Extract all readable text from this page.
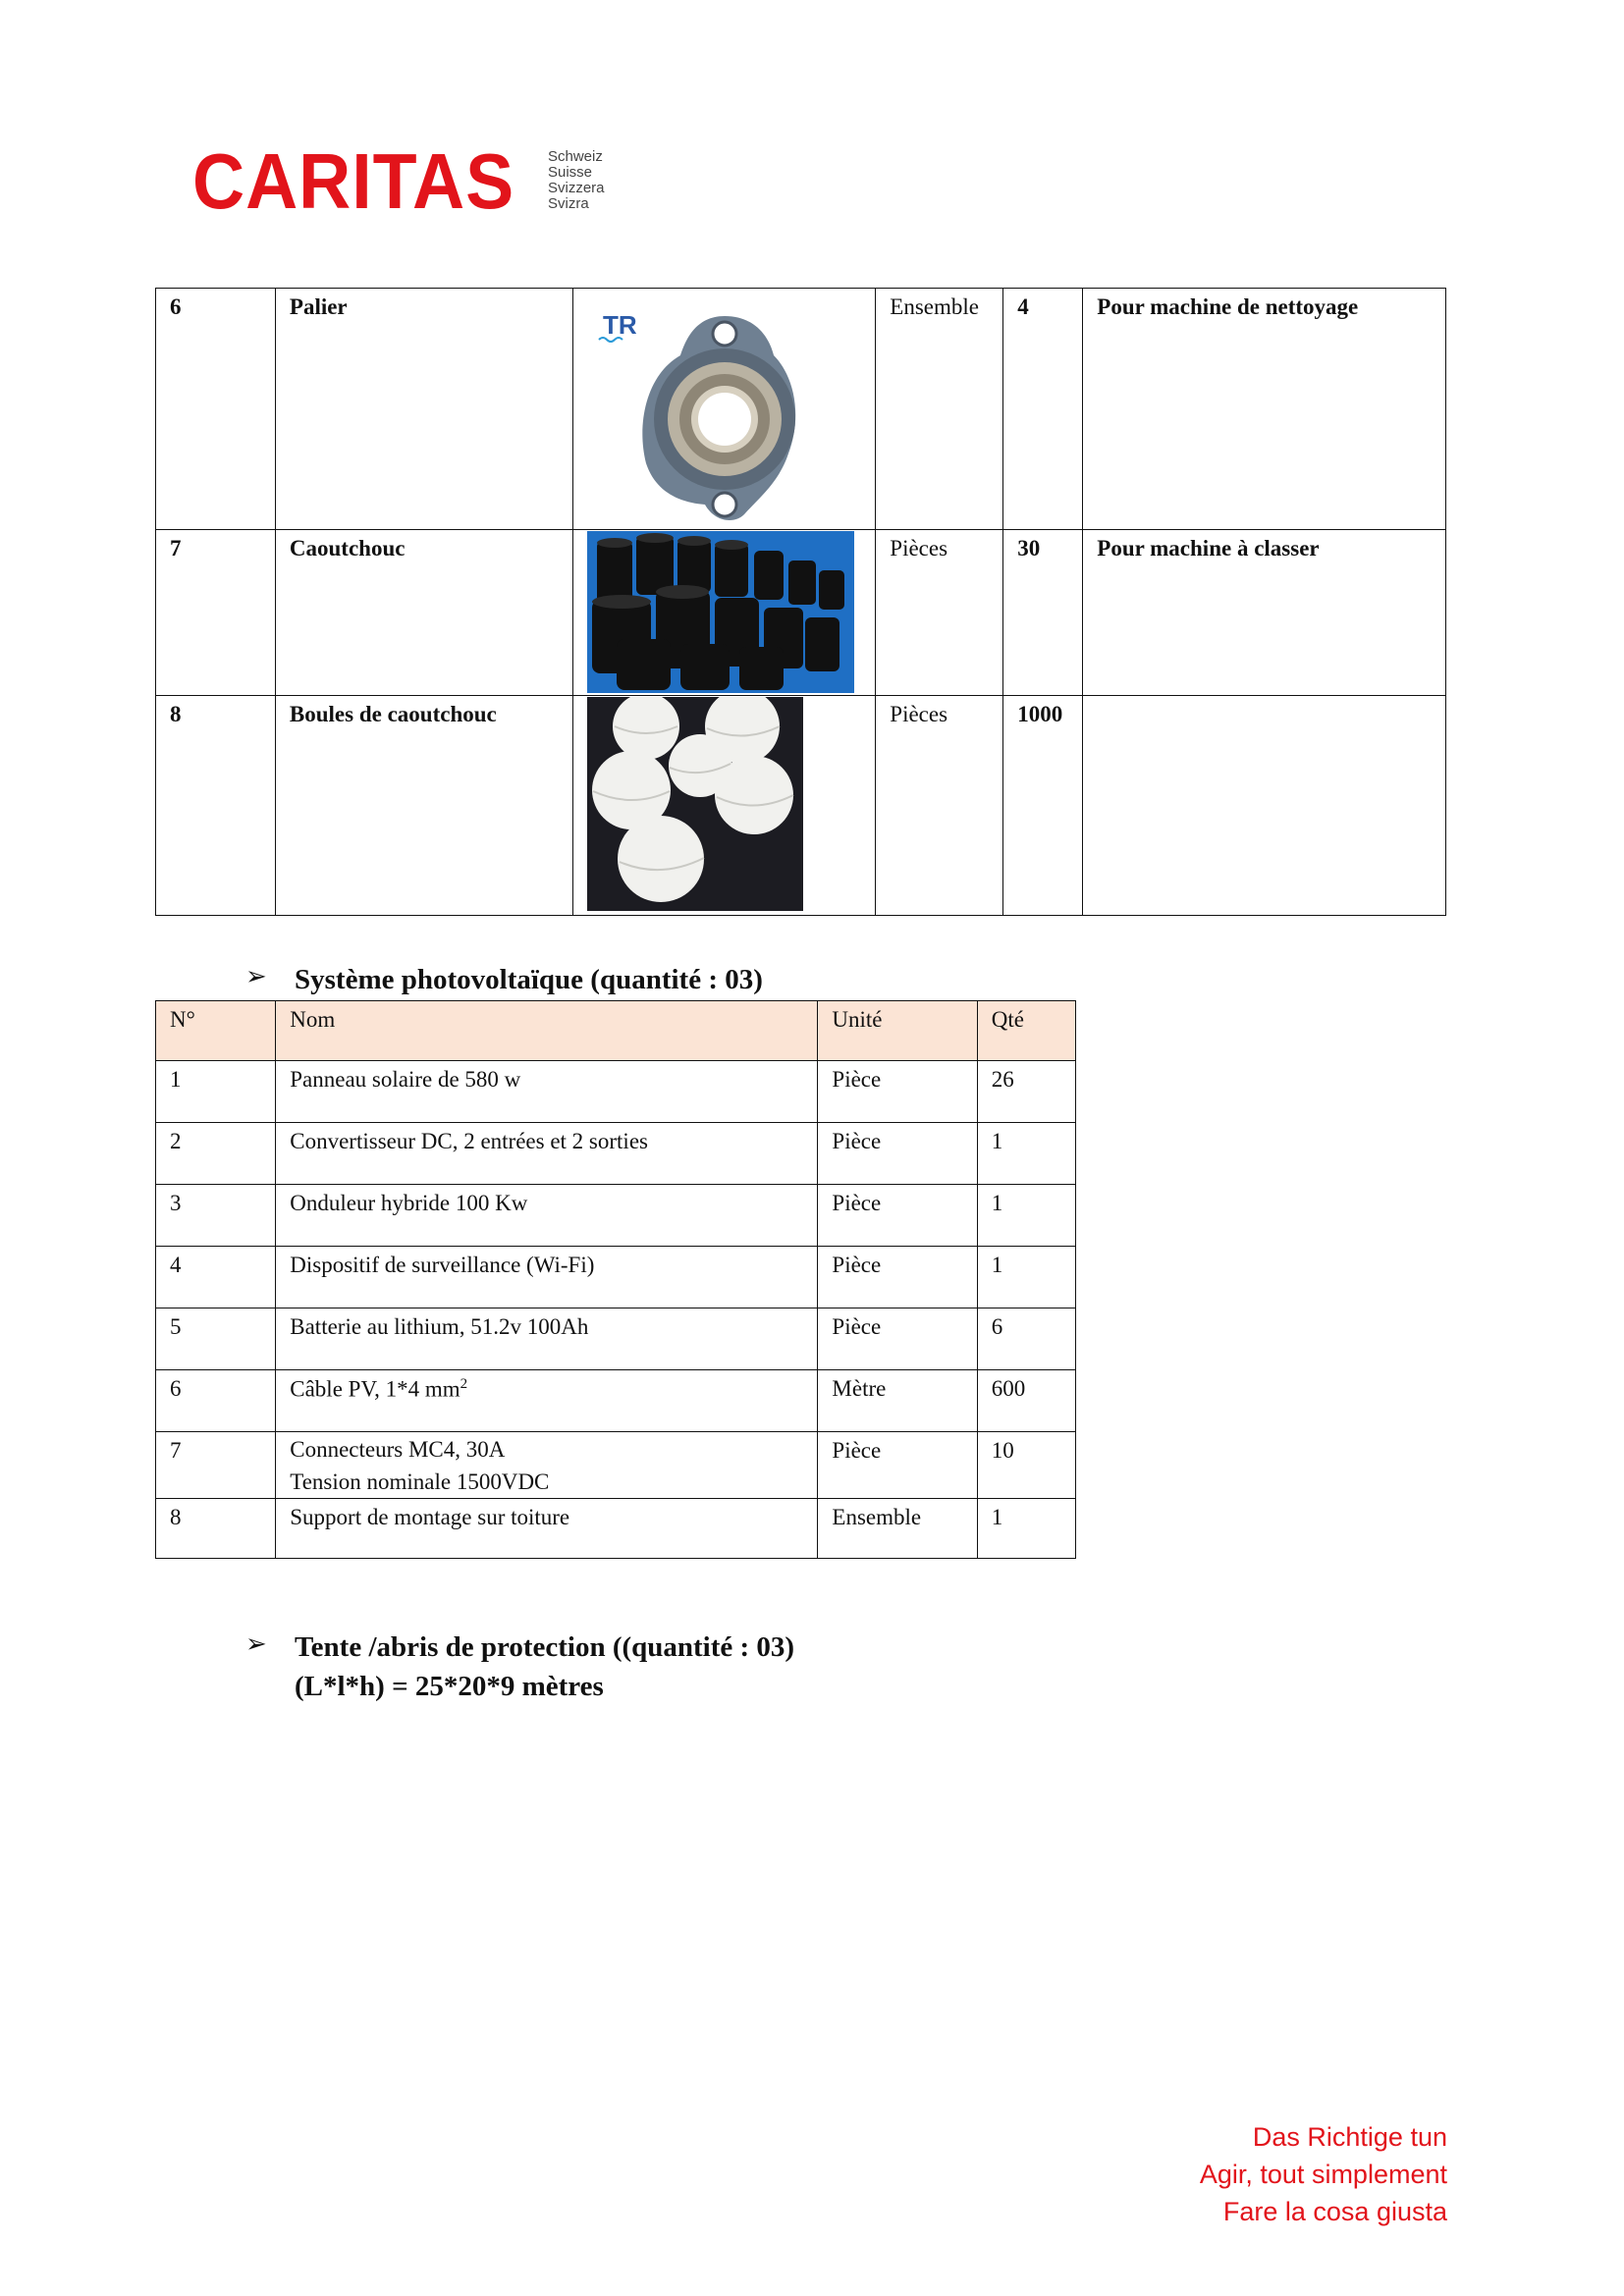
CARITAS Schweiz
Suisse
Svizzera
Svizra
6	Palier	TR	Ensemble	4	Pour machine de nettoyage

7	Caoutchouc		Pièces	30	Pour machine à classer

8	Boules de caoutchouc		Pièces	1000	

➢ Système photovoltaïque (quantité : 03)
N°	Nom	Unité	Qté

1	Panneau solaire de 580 w	Pièce	26

2	Convertisseur DC, 2 entrées et 2 sorties	Pièce	1

3	Onduleur hybride 100 Kw	Pièce	1

4	Dispositif de surveillance (Wi-Fi)	Pièce	1

5	Batterie au lithium, 51.2v 100Ah	Pièce	6

6	Câble PV, 1*4 $mm^2$	Mètre	600

7	Connecteurs MC4, 30A
Tension nominale 1500VDC	Pièce	10

8	Support de montage sur toiture	Ensemble	1
➢ Tente /abris de protection ((quantité : 03)
(L*l*h) = 25*20*9 mètres
Das Richtige tun
Agir, tout simplement
Fare la cosa giusta
